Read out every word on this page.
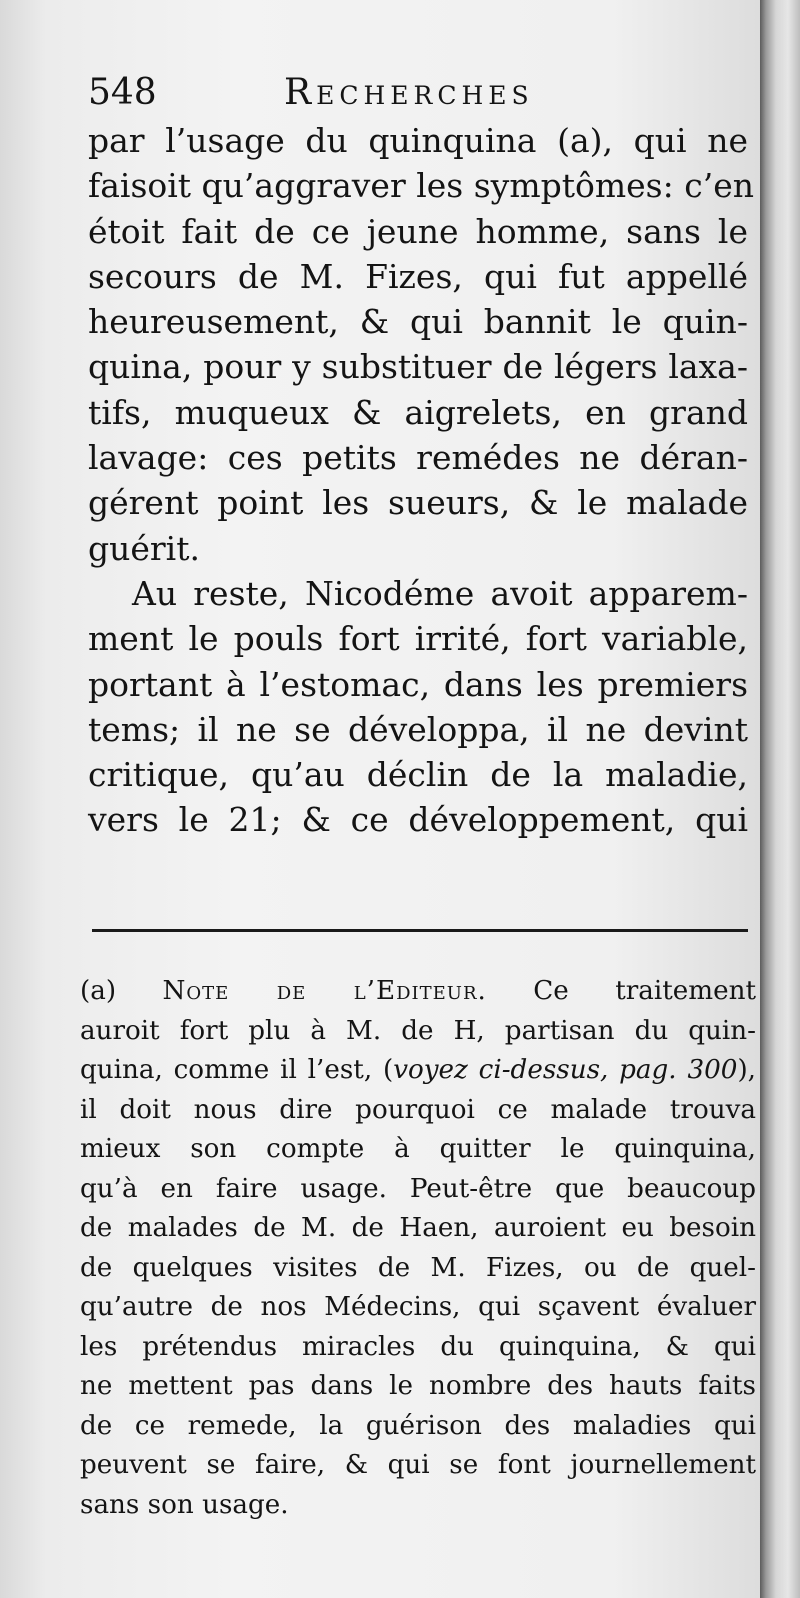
548	Recherches
par l’usage du quinquina (a), qui ne
faisoit qu’aggraver les symptômes: c’en
étoit fait de ce jeune homme, sans le
secours de M. Fizes, qui fut appellé
heureusement, & qui bannit le quin-
quina, pour y substituer de légers laxa-
tifs, muqueux & aigrelets, en grand
lavage: ces petits remédes ne déran-
gérent point les sueurs, & le malade
guérit.
Au reste, Nicodéme avoit apparem-
ment le pouls fort irrité, fort variable,
portant à l’estomac, dans les premiers
tems; il ne se développa, il ne devint
critique, qu’au déclin de la maladie,
vers le 21; & ce développement, qui
(a) Note de l’Editeur. Ce traitement
auroit fort plu à M. de H, partisan du quin-
quina, comme il l’est, (voyez ci-dessus, pag. 300),
il doit nous dire pourquoi ce malade trouva
mieux son compte à quitter le quinquina,
qu’à en faire usage. Peut-être que beaucoup
de malades de M. de Haen, auroient eu besoin
de quelques visites de M. Fizes, ou de quel-
qu’autre de nos Médecins, qui sçavent évaluer
les prétendus miracles du quinquina, & qui
ne mettent pas dans le nombre des hauts faits
de ce remede, la guérison des maladies qui
peuvent se faire, & qui se font journellement
sans son usage.
